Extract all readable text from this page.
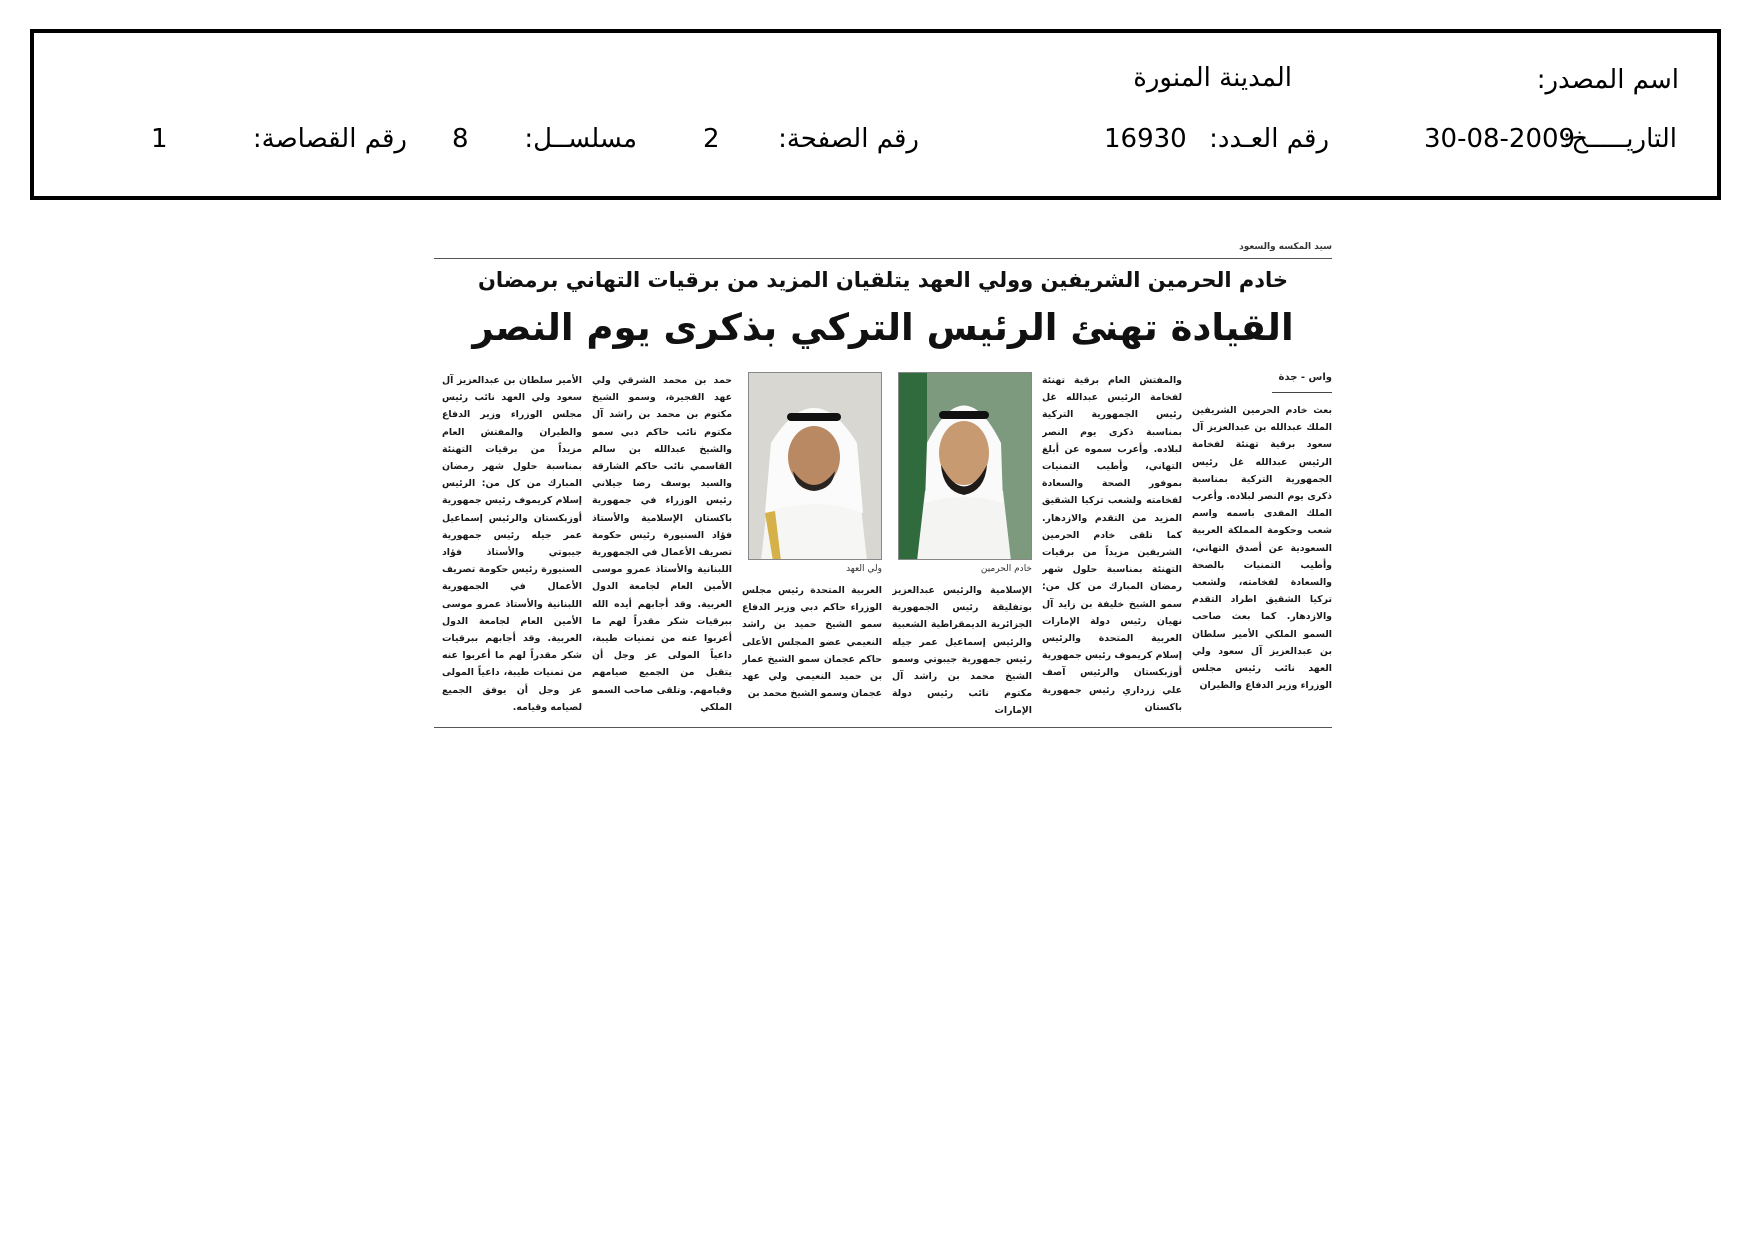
اسم المصدر:
المدينة المنورة
التاريـــــخ:
30-08-2009
رقم العـدد:
16930
رقم الصفحة:
2
مسلســل:
8
رقم القصاصة:
1
سيد المكسه والسعود
خادم الحرمين الشريفين وولي العهد يتلقيان المزيد من برقيات التهاني برمضان
القيادة تهنئ الرئيس التركي بذكرى يوم النصر
واس - جدة
بعث خادم الحرمين الشريفين الملك عبدالله بن عبدالعزيز آل سعود برقية تهنئة لفخامة الرئيس عبدالله غل رئيس الجمهورية التركية بمناسبة ذكرى يوم النصر لبلاده. وأعرب الملك المفدى باسمه واسم شعب وحكومة المملكة العربية السعودية عن أصدق التهاني، وأطيب التمنيات بالصحة والسعادة لفخامته، ولشعب تركيا الشقيق اطراد التقدم والازدهار. كما بعث صاحب السمو الملكي الأمير سلطان بن عبدالعزيز آل سعود ولي العهد نائب رئيس مجلس الوزراء وزير الدفاع والطيران
والمفتش العام برقية تهنئة لفخامة الرئيس عبدالله غل رئيس الجمهورية التركية بمناسبة ذكرى يوم النصر لبلاده. وأعرب سموه عن أبلغ التهاني، وأطيب التمنيات بموفور الصحة والسعادة لفخامته ولشعب تركيا الشقيق المزيد من التقدم والازدهار. كما تلقى خادم الحرمين الشريفين مزيداً من برقيات التهنئة بمناسبة حلول شهر رمضان المبارك من كل من: سمو الشيخ خليفة بن زايد آل نهيان رئيس دولة الإمارات العربية المتحدة والرئيس إسلام كريموف رئيس جمهورية أوزبكستان والرئيس آصف علي زرداري رئيس جمهورية باكستان
خادم الحرمين
الإسلامية والرئيس عبدالعزيز بوتفليقة رئيس الجمهورية الجزائرية الديمقراطية الشعبية والرئيس إسماعيل عمر جيله رئيس جمهورية جيبوتي وسمو الشيخ محمد بن راشد آل مكتوم نائب رئيس دولة الإمارات
ولي العهد
العربية المتحدة رئيس مجلس الوزراء حاكم دبي وزير الدفاع سمو الشيخ حميد بن راشد النعيمي عضو المجلس الأعلى حاكم عجمان سمو الشيخ عمار بن حميد النعيمي ولي عهد عجمان وسمو الشيخ محمد بن
حمد بن محمد الشرقي ولي عهد الفجيرة، وسمو الشيخ مكتوم بن محمد بن راشد آل مكتوم نائب حاكم دبي سمو والشيخ عبدالله بن سالم القاسمي نائب حاكم الشارقة والسيد يوسف رضا جيلاني رئيس الوزراء في جمهورية باكستان الإسلامية والأستاذ فؤاد السنيورة رئيس حكومة تصريف الأعمال في الجمهورية اللبنانية والأستاذ عمرو موسى الأمين العام لجامعة الدول العربية. وقد أجابهم أيده الله ببرقيات شكر مقدراً لهم ما أعربوا عنه من تمنيات طيبة، داعياً المولى عز وجل أن يتقبل من الجميع صيامهم وقيامهم. وتلقى صاحب السمو الملكي
الأمير سلطان بن عبدالعزيز آل سعود ولي العهد نائب رئيس مجلس الوزراء وزير الدفاع والطيران والمفتش العام مزيداً من برقيات التهنئة بمناسبة حلول شهر رمضان المبارك من كل من: الرئيس إسلام كريموف رئيس جمهورية أوزبكستان والرئيس إسماعيل عمر جيله رئيس جمهورية جيبوتي والأستاذ فؤاد السنيورة رئيس حكومة تصريف الأعمال في الجمهورية اللبنانية والأستاذ عمرو موسى الأمين العام لجامعة الدول العربية. وقد أجابهم ببرقيات شكر مقدراً لهم ما أعربوا عنه من تمنيات طيبة، داعياً المولى عز وجل أن يوفق الجميع لصيامه وقيامه.
